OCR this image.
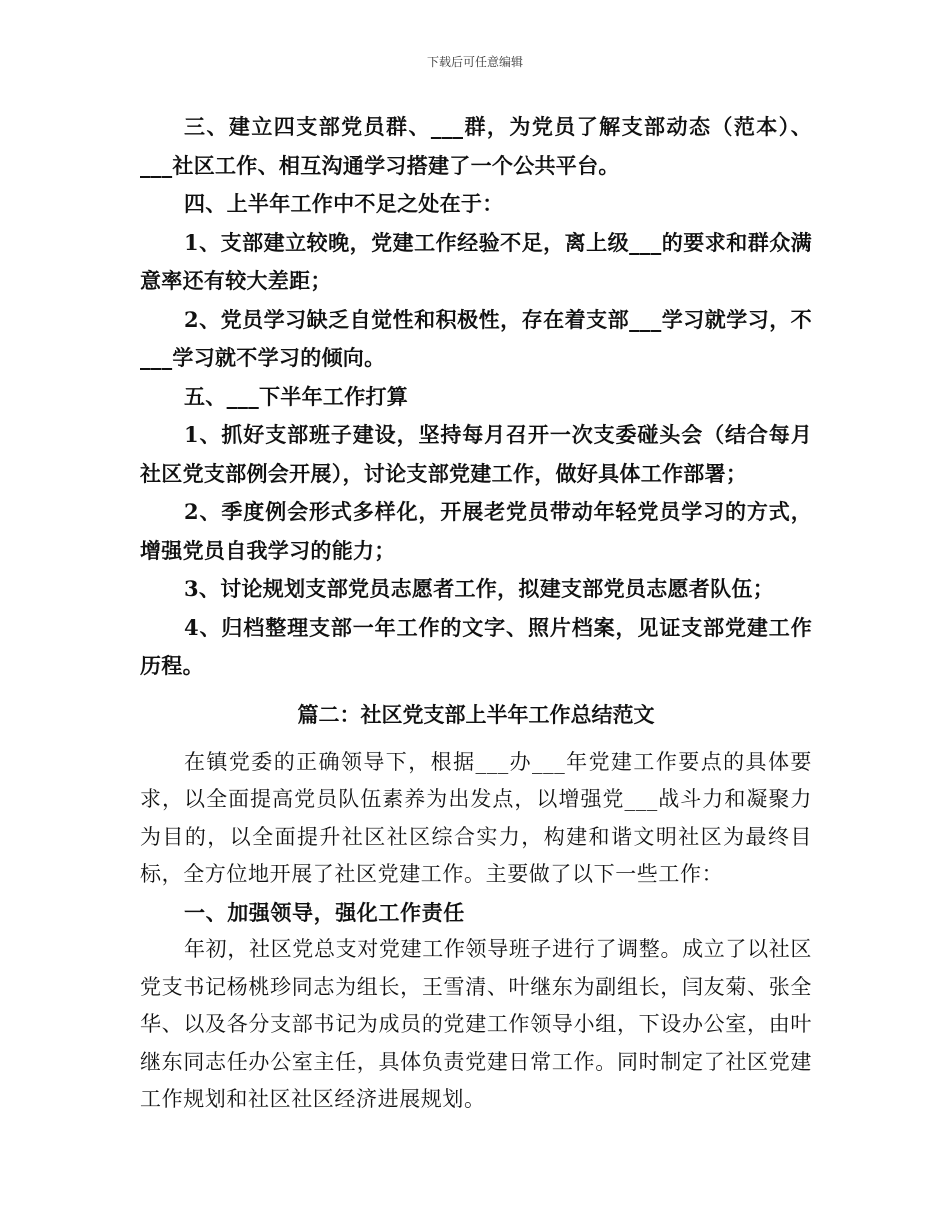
下载后可任意编辑

三、建立四支部党员群、___群，为党员了解支部动态（范本）、___社区工作、相互沟通学习搭建了一个公共平台。

四、上半年工作中不足之处在于：

1、支部建立较晚，党建工作经验不足，离上级___的要求和群众满意率还有较大差距；

2、党员学习缺乏自觉性和积极性，存在着支部___学习就学习，不___学习就不学习的倾向。

五、___下半年工作打算

1、抓好支部班子建设，坚持每月召开一次支委碰头会（结合每月社区党支部例会开展），讨论支部党建工作，做好具体工作部署；

2、季度例会形式多样化，开展老党员带动年轻党员学习的方式，增强党员自我学习的能力；

3、讨论规划支部党员志愿者工作，拟建支部党员志愿者队伍；

4、归档整理支部一年工作的文字、照片档案，见证支部党建工作历程。

篇二：社区党支部上半年工作总结范文

在镇党委的正确领导下，根据___办___年党建工作要点的具体要求，以全面提高党员队伍素养为出发点，以增强党___战斗力和凝聚力为目的，以全面提升社区社区综合实力，构建和谐文明社区为最终目标，全方位地开展了社区党建工作。主要做了以下一些工作：

一、加强领导，强化工作责任

年初，社区党总支对党建工作领导班子进行了调整。成立了以社区党支书记杨桃珍同志为组长，王雪清、叶继东为副组长，闫友菊、张全华、以及各分支部书记为成员的党建工作领导小组，下设办公室，由叶继东同志任办公室主任，具体负责党建日常工作。同时制定了社区党建工作规划和社区社区经济进展规划。
